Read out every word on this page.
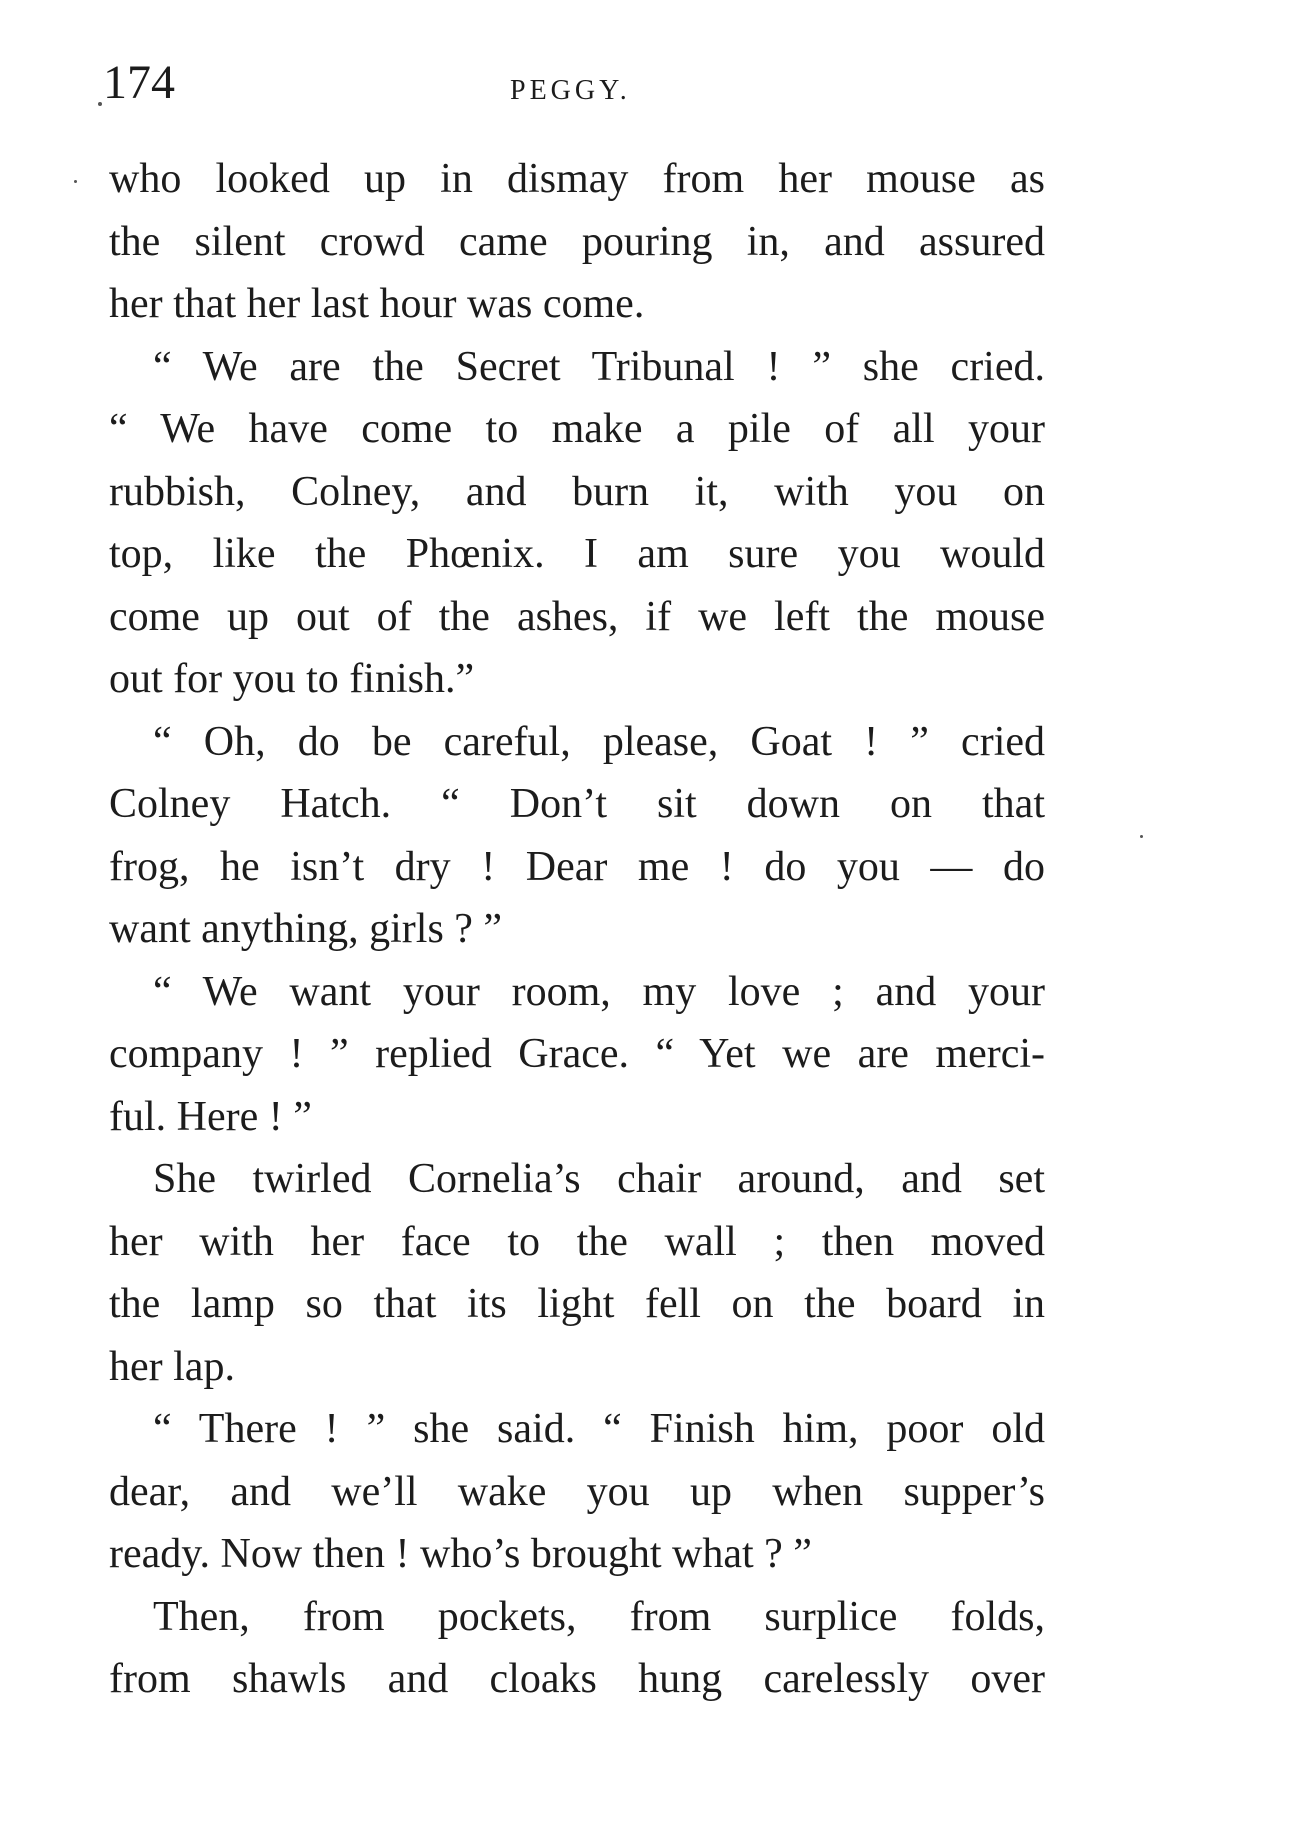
174	PEGGY.
who looked up in dismay from her mouse as
the silent crowd came pouring in, and assured
her that her last hour was come.
“ We are the Secret Tribunal ! ” she cried.
“ We have come to make a pile of all your
rubbish, Colney, and burn it, with you on
top, like the Phœnix. I am sure you would
come up out of the ashes, if we left the mouse
out for you to finish.”
“ Oh, do be careful, please, Goat ! ” cried
Colney Hatch. “ Don’t sit down on that
frog, he isn’t dry ! Dear me ! do you — do
want anything, girls ? ”
“ We want your room, my love ; and your
company ! ” replied Grace. “ Yet we are merci-
ful. Here ! ”
She twirled Cornelia’s chair around, and set
her with her face to the wall ; then moved
the lamp so that its light fell on the board in
her lap.
“ There ! ” she said. “ Finish him, poor old
dear, and we’ll wake you up when supper’s
ready. Now then ! who’s brought what ? ”
Then, from pockets, from surplice folds,
from shawls and cloaks hung carelessly over
